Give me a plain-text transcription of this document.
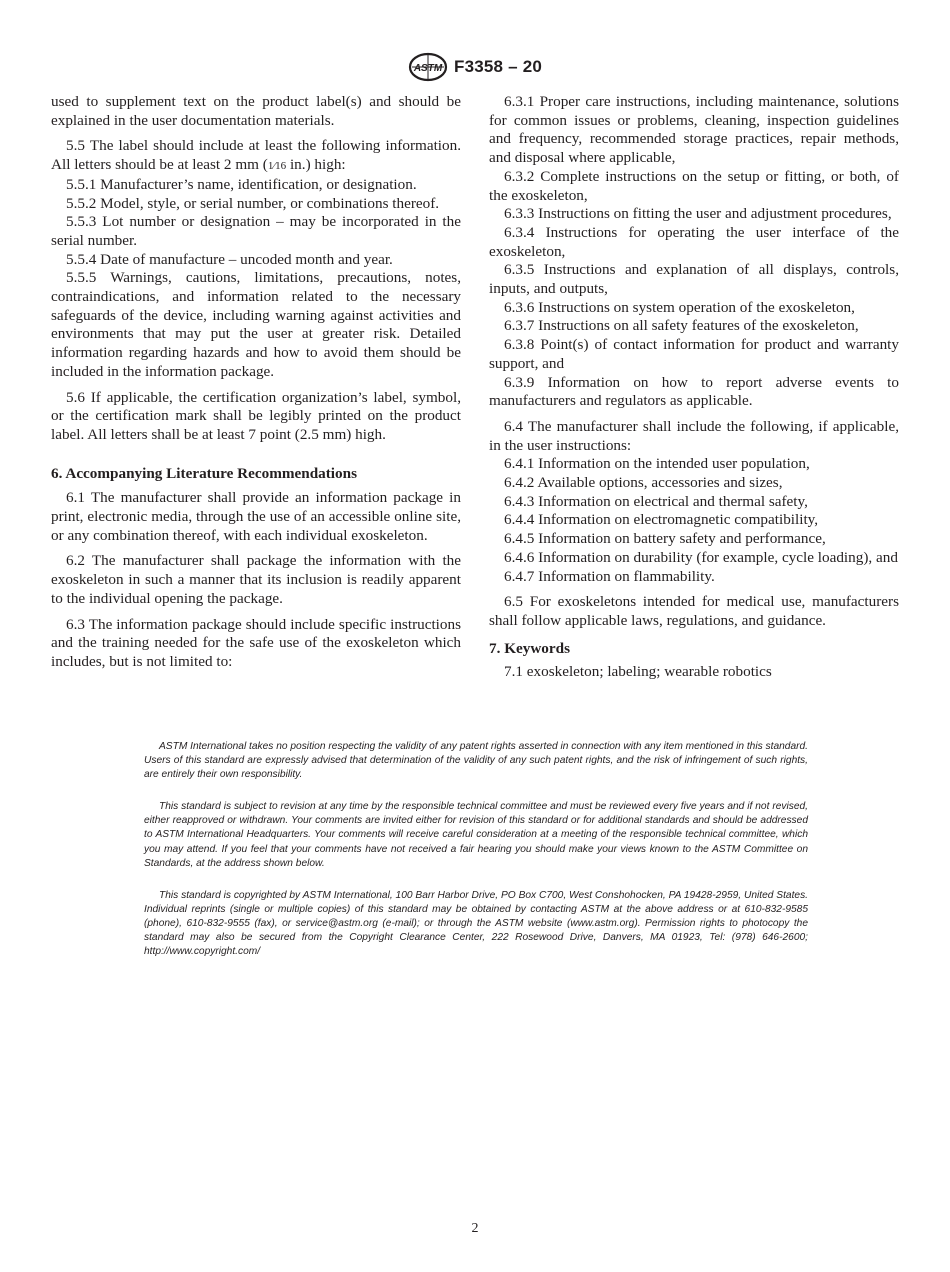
ASTM F3358 – 20

used to supplement text on the product label(s) and should be explained in the user documentation materials.

5.5 The label should include at least the following information. All letters should be at least 2 mm (1⁄16 in.) high:

5.5.1 Manufacturer’s name, identification, or designation.

5.5.2 Model, style, or serial number, or combinations thereof.

5.5.3 Lot number or designation – may be incorporated in the serial number.

5.5.4 Date of manufacture – uncoded month and year.

5.5.5 Warnings, cautions, limitations, precautions, notes, contraindications, and information related to the necessary safeguards of the device, including warning against activities and environments that may put the user at greater risk. Detailed information regarding hazards and how to avoid them should be included in the information package.

5.6 If applicable, the certification organization’s label, symbol, or the certification mark shall be legibly printed on the product label. All letters shall be at least 7 point (2.5 mm) high.

6. Accompanying Literature Recommendations

6.1 The manufacturer shall provide an information package in print, electronic media, through the use of an accessible online site, or any combination thereof, with each individual exoskeleton.

6.2 The manufacturer shall package the information with the exoskeleton in such a manner that its inclusion is readily apparent to the individual opening the package.

6.3 The information package should include specific instructions and the training needed for the safe use of the exoskeleton which includes, but is not limited to:

6.3.1 Proper care instructions, including maintenance, solutions for common issues or problems, cleaning, inspection guidelines and frequency, recommended storage practices, repair methods, and disposal where applicable,

6.3.2 Complete instructions on the setup or fitting, or both, of the exoskeleton,

6.3.3 Instructions on fitting the user and adjustment procedures,

6.3.4 Instructions for operating the user interface of the exoskeleton,

6.3.5 Instructions and explanation of all displays, controls, inputs, and outputs,

6.3.6 Instructions on system operation of the exoskeleton,

6.3.7 Instructions on all safety features of the exoskeleton,

6.3.8 Point(s) of contact information for product and warranty support, and

6.3.9 Information on how to report adverse events to manufacturers and regulators as applicable.

6.4 The manufacturer shall include the following, if applicable, in the user instructions:

6.4.1 Information on the intended user population,

6.4.2 Available options, accessories and sizes,

6.4.3 Information on electrical and thermal safety,

6.4.4 Information on electromagnetic compatibility,

6.4.5 Information on battery safety and performance,

6.4.6 Information on durability (for example, cycle loading), and

6.4.7 Information on flammability.

6.5 For exoskeletons intended for medical use, manufacturers shall follow applicable laws, regulations, and guidance.

7. Keywords

7.1 exoskeleton; labeling; wearable robotics

ASTM International takes no position respecting the validity of any patent rights asserted in connection with any item mentioned in this standard. Users of this standard are expressly advised that determination of the validity of any such patent rights, and the risk of infringement of such rights, are entirely their own responsibility.

This standard is subject to revision at any time by the responsible technical committee and must be reviewed every five years and if not revised, either reapproved or withdrawn. Your comments are invited either for revision of this standard or for additional standards and should be addressed to ASTM International Headquarters. Your comments will receive careful consideration at a meeting of the responsible technical committee, which you may attend. If you feel that your comments have not received a fair hearing you should make your views known to the ASTM Committee on Standards, at the address shown below.

This standard is copyrighted by ASTM International, 100 Barr Harbor Drive, PO Box C700, West Conshohocken, PA 19428-2959, United States. Individual reprints (single or multiple copies) of this standard may be obtained by contacting ASTM at the above address or at 610-832-9585 (phone), 610-832-9555 (fax), or service@astm.org (e-mail); or through the ASTM website (www.astm.org). Permission rights to photocopy the standard may also be secured from the Copyright Clearance Center, 222 Rosewood Drive, Danvers, MA 01923, Tel: (978) 646-2600; http://www.copyright.com/

2
